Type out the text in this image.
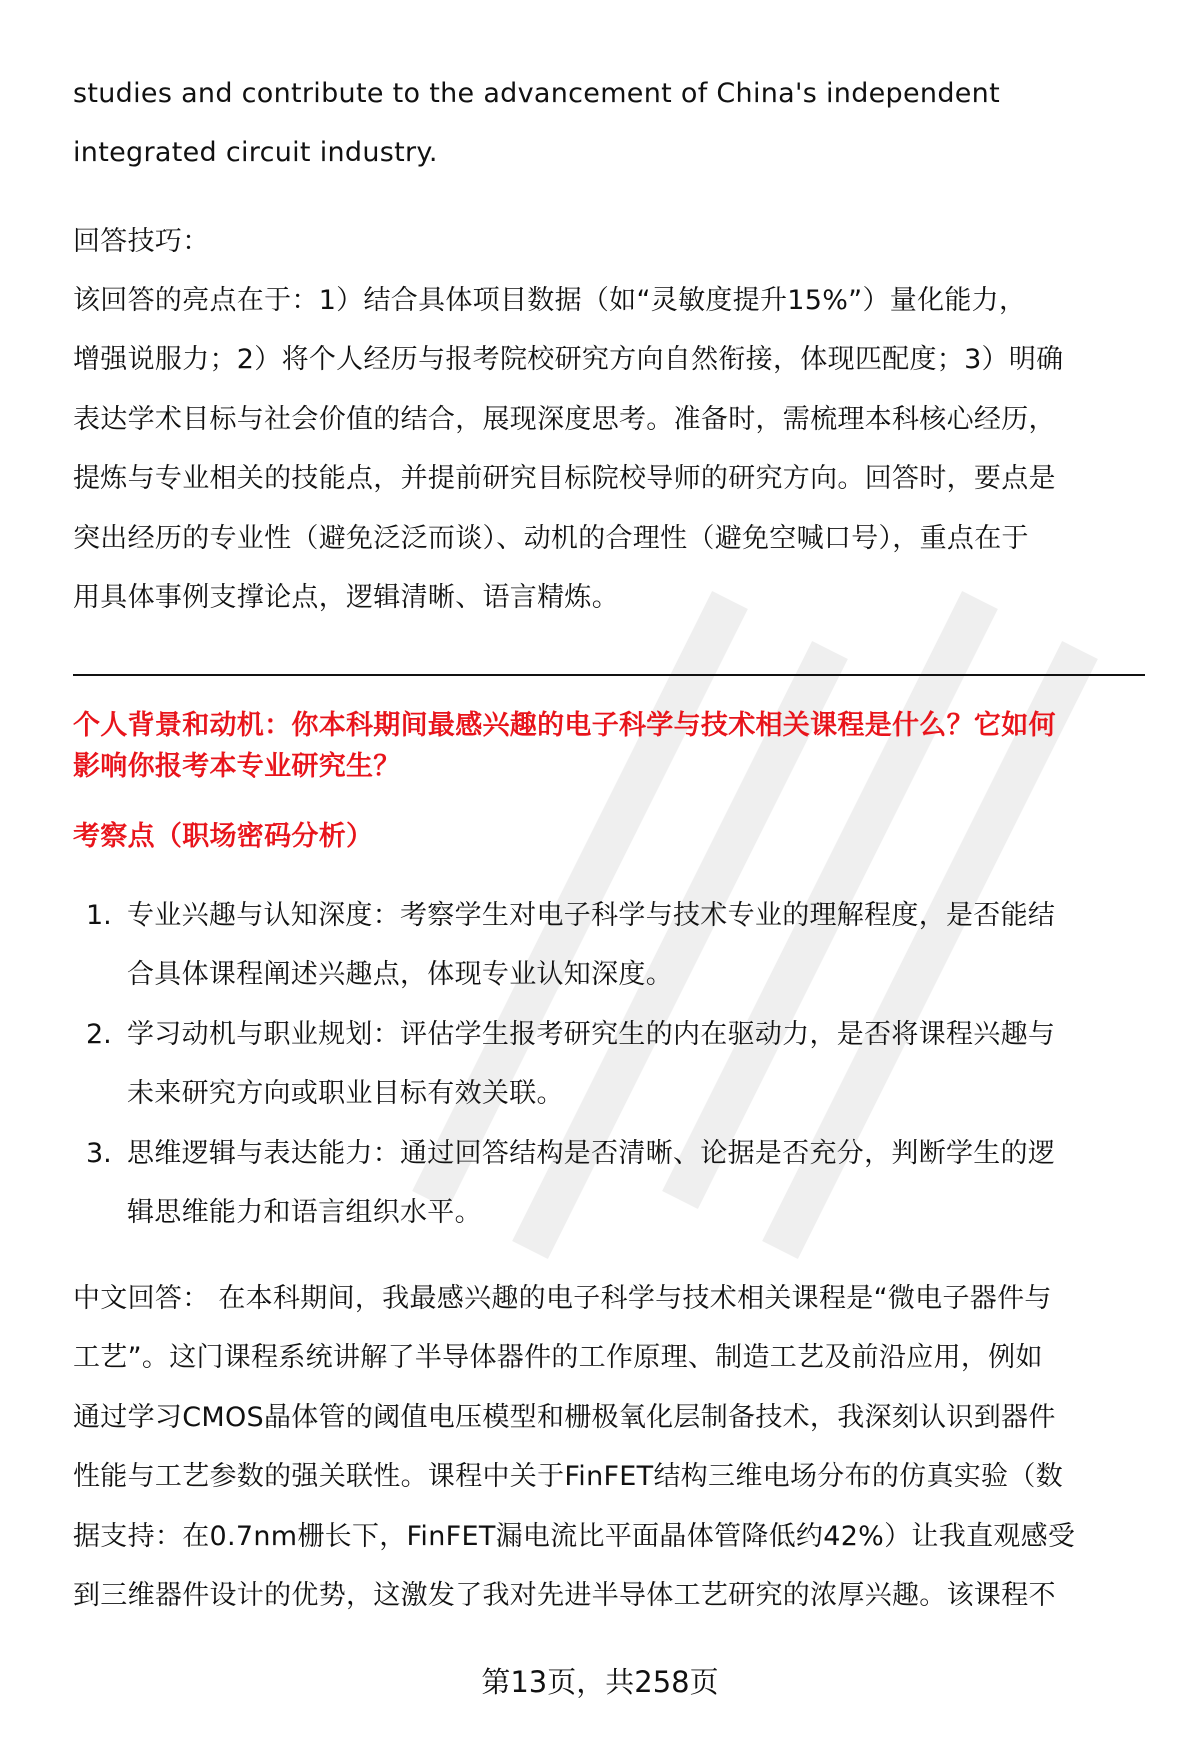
studies and contribute to the advancement of China's independent
integrated circuit industry.
回答技巧：
该回答的亮点在于：1）结合具体项目数据（如“灵敏度提升15%”）量化能力，
增强说服力；2）将个人经历与报考院校研究方向自然衔接，体现匹配度；3）明确
表达学术目标与社会价值的结合，展现深度思考。准备时，需梳理本科核心经历，
提炼与专业相关的技能点，并提前研究目标院校导师的研究方向。回答时，要点是
突出经历的专业性（避免泛泛而谈）、动机的合理性（避免空喊口号），重点在于
用具体事例支撑论点，逻辑清晰、语言精炼。
个人背景和动机：你本科期间最感兴趣的电子科学与技术相关课程是什么？它如何
影响你报考本专业研究生？
考察点（职场密码分析）
1. 专业兴趣与认知深度：考察学生对电子科学与技术专业的理解程度，是否能结
合具体课程阐述兴趣点，体现专业认知深度。
2. 学习动机与职业规划：评估学生报考研究生的内在驱动力，是否将课程兴趣与
未来研究方向或职业目标有效关联。
3. 思维逻辑与表达能力：通过回答结构是否清晰、论据是否充分，判断学生的逻
辑思维能力和语言组织水平。
中文回答： 在本科期间，我最感兴趣的电子科学与技术相关课程是“微电子器件与
工艺”。这门课程系统讲解了半导体器件的工作原理、制造工艺及前沿应用，例如
通过学习CMOS晶体管的阈值电压模型和栅极氧化层制备技术，我深刻认识到器件
性能与工艺参数的强关联性。课程中关于FinFET结构三维电场分布的仿真实验（数
据支持：在0.7nm栅长下，FinFET漏电流比平面晶体管降低约42%）让我直观感受
到三维器件设计的优势，这激发了我对先进半导体工艺研究的浓厚兴趣。该课程不
第13页，共258页
